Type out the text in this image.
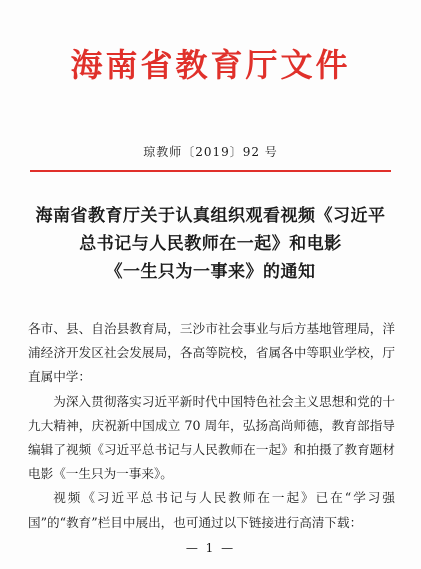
海南省教育厅文件
琼教师〔2019〕92 号
海南省教育厅关于认真组织观看视频《习近平
总书记与人民教师在一起》和电影
《一生只为一事来》的通知

各市、县、自治县教育局，三沙市社会事业与后方基地管理局，洋浦经济开发区社会发展局，各高等院校，省属各中等职业学校，厅直属中学：

为深入贯彻落实习近平新时代中国特色社会主义思想和党的十九大精神，庆祝新中国成立 70 周年，弘扬高尚师德，教育部指导编辑了视频《习近平总书记与人民教师在一起》和拍摄了教育题材电影《一生只为一事来》。

视频《习近平总书记与人民教师在一起》已在“学习强国”的“教育”栏目中展出，也可通过以下链接进行高清下载：

— 1 —
